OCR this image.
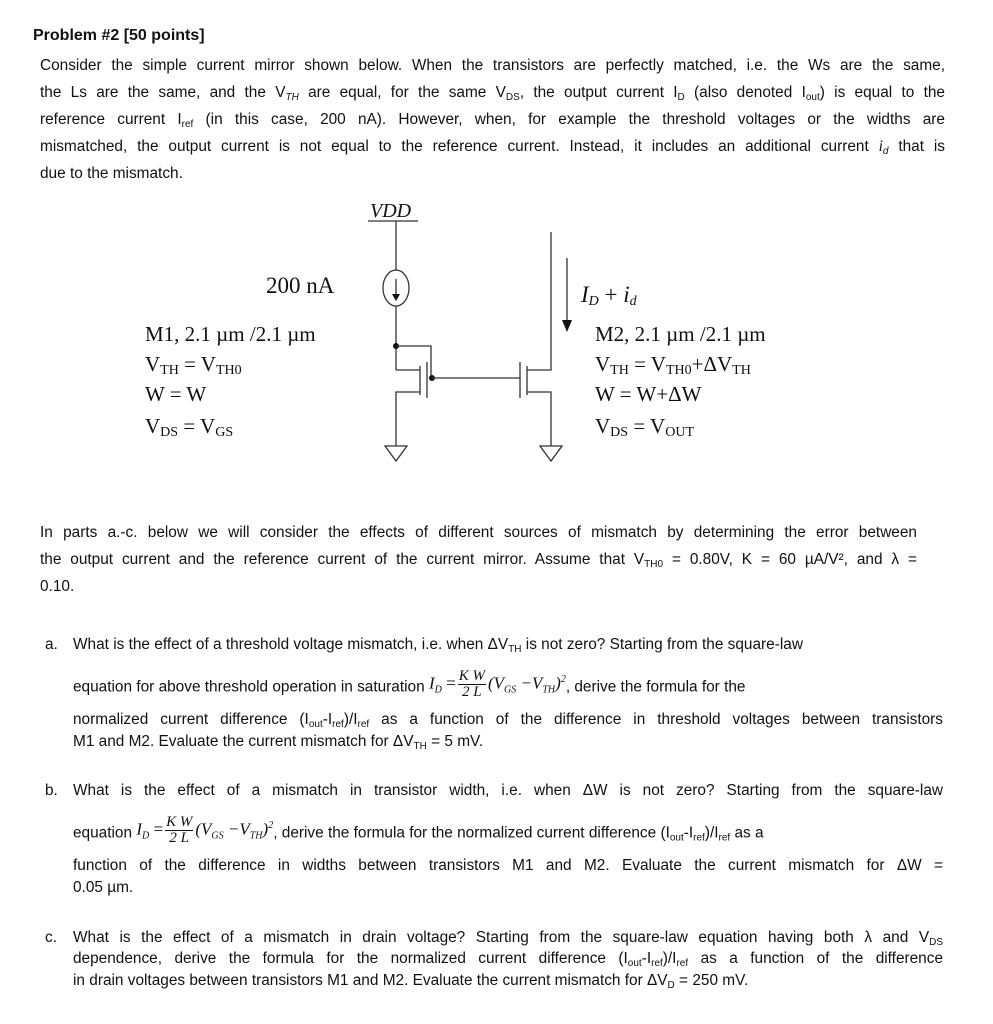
Problem #2 [50 points]
Consider the simple current mirror shown below. When the transistors are perfectly matched, i.e. the Ws are the same,
the Ls are the same, and the $V_{TH}$ are equal, for the same $V_{DS}$, the output current $I_D$ (also denoted $I_{out}$) is equal to the
reference current $I_{ref}$ (in this case, 200 nA). However, when, for example the threshold voltages or the widths are
mismatched, the output current is not equal to the reference current. Instead, it includes an additional current $i_d$ that is
due to the mismatch.
VDD
200 nA	$I_D + i_d$
M1, 2.1 µm /2.1 µm
$V_{TH} = V_{TH0}$
W = W
$V_{DS} = V_{GS}$
M2, 2.1 µm /2.1 µm
$V_{TH} = V_{TH0}+\Delta V_{TH}$
W = W+ΔW
$V_{DS} = V_{OUT}$
In parts a.-c. below we will consider the effects of different sources of mismatch by determining the error between
the output current and the reference current of the current mirror. Assume that $V_{TH0} = 0.80V$, K = 60 µA/V², and λ =
0.10.
a. What is the effect of a threshold voltage mismatch, i.e. when $\Delta V_{TH}$ is not zero? Starting from the square-law
equation for above threshold operation in saturation $I_D = \frac{\text{K W}}{2 L} (V_{GS} -V_{TH})^2$, derive the formula for the
normalized current difference $(I_{out}-I_{ref})/I_{ref}$ as a function of the difference in threshold voltages between transistors
M1 and M2. Evaluate the current mismatch for $\Delta V_{TH} = 5$ mV.
b. What is the effect of a mismatch in transistor width, i.e. when ΔW is not zero? Starting from the square-law
equation $I_D = \frac{\text{K W}}{2 L} (V_{GS} -V_{TH})^2$, derive the formula for the normalized current difference $(I_{out}-I_{ref})/I_{ref}$ as a
function of the difference in widths between transistors M1 and M2. Evaluate the current mismatch for ΔW =
0.05 µm.
c. What is the effect of a mismatch in drain voltage? Starting from the square-law equation having both λ and $V_{DS}$
dependence, derive the formula for the normalized current difference $(I_{out}-I_{ref})/I_{ref}$ as a function of the difference
in drain voltages between transistors M1 and M2. Evaluate the current mismatch for $\Delta V_D = 250$ mV.
